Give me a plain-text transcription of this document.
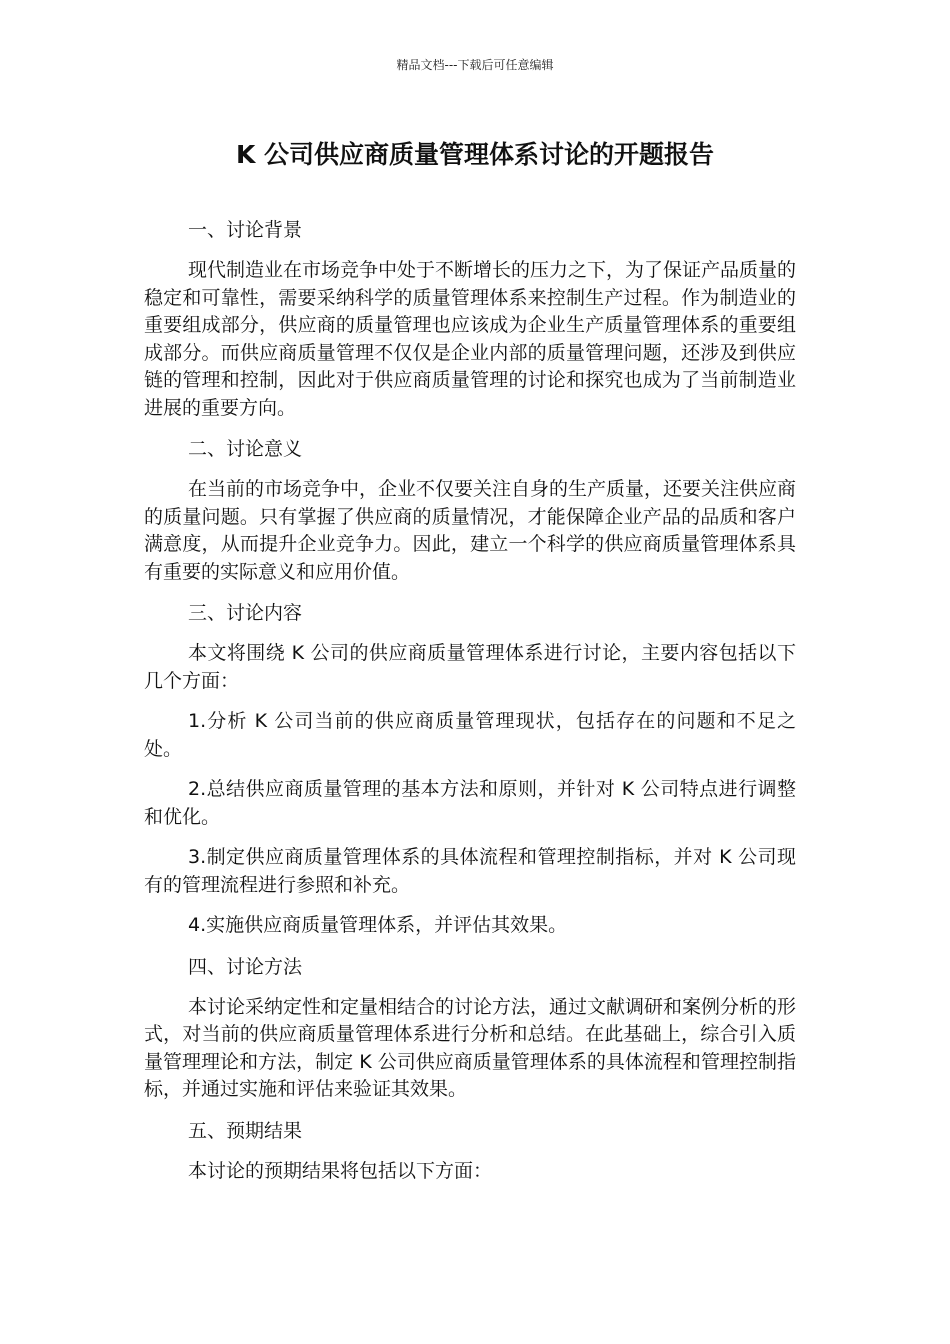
精品文档---下载后可任意编辑
K 公司供应商质量管理体系讨论的开题报告

一、讨论背景

现代制造业在市场竞争中处于不断增长的压力之下，为了保证产品质量的稳定和可靠性，需要采纳科学的质量管理体系来控制生产过程。作为制造业的重要组成部分，供应商的质量管理也应该成为企业生产质量管理体系的重要组成部分。而供应商质量管理不仅仅是企业内部的质量管理问题，还涉及到供应链的管理和控制，因此对于供应商质量管理的讨论和探究也成为了当前制造业进展的重要方向。

二、讨论意义

在当前的市场竞争中，企业不仅要关注自身的生产质量，还要关注供应商的质量问题。只有掌握了供应商的质量情况，才能保障企业产品的品质和客户满意度，从而提升企业竞争力。因此，建立一个科学的供应商质量管理体系具有重要的实际意义和应用价值。

三、讨论内容

本文将围绕 K 公司的供应商质量管理体系进行讨论，主要内容包括以下几个方面：

1.分析 K 公司当前的供应商质量管理现状，包括存在的问题和不足之处。

2.总结供应商质量管理的基本方法和原则，并针对 K 公司特点进行调整和优化。

3.制定供应商质量管理体系的具体流程和管理控制指标，并对 K 公司现有的管理流程进行参照和补充。

4.实施供应商质量管理体系，并评估其效果。

四、讨论方法

本讨论采纳定性和定量相结合的讨论方法，通过文献调研和案例分析的形式，对当前的供应商质量管理体系进行分析和总结。在此基础上，综合引入质量管理理论和方法，制定 K 公司供应商质量管理体系的具体流程和管理控制指标，并通过实施和评估来验证其效果。

五、预期结果

本讨论的预期结果将包括以下方面：
